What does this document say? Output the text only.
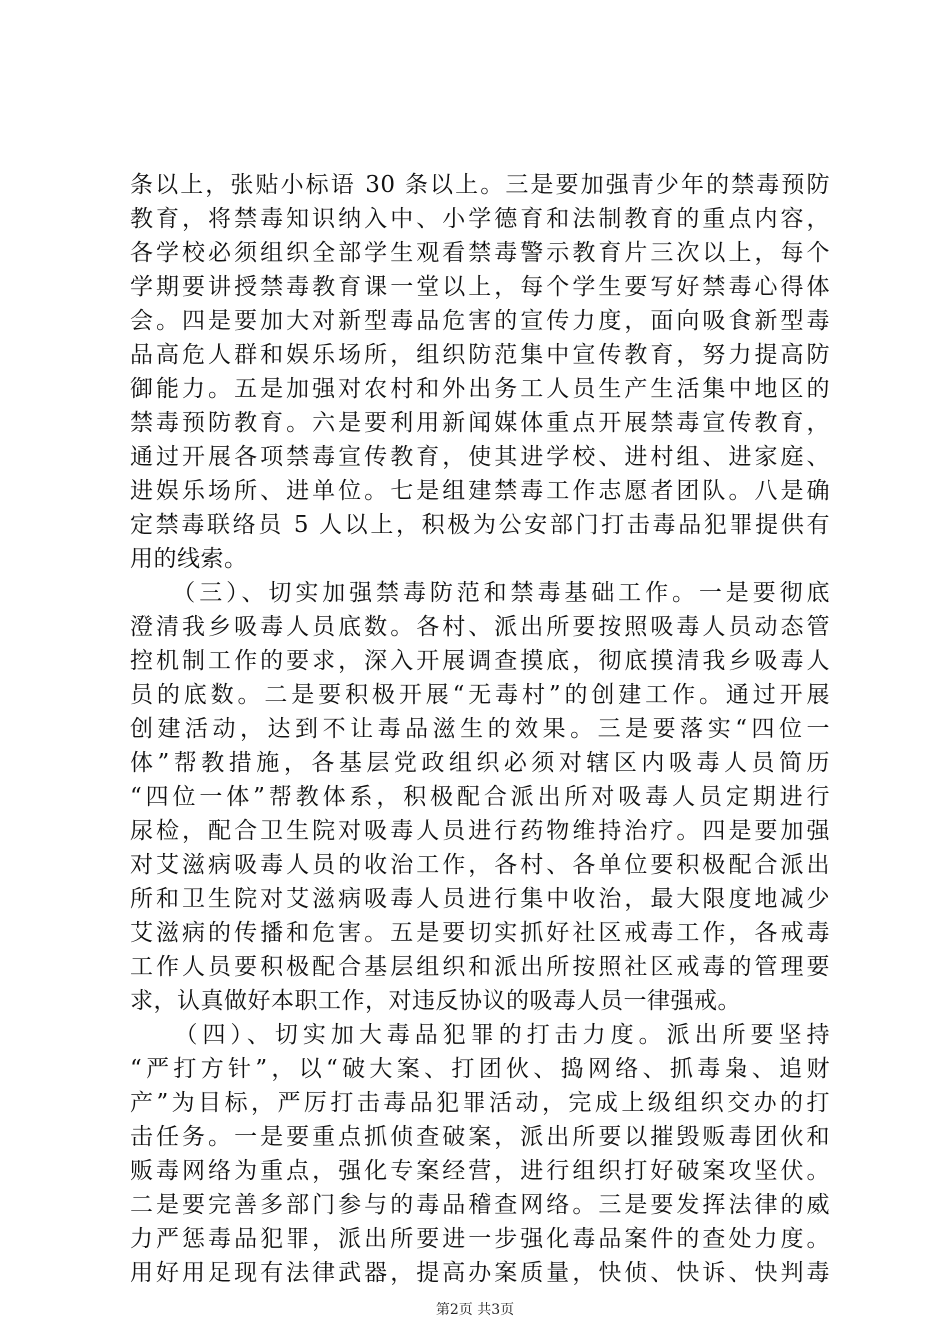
条以上，张贴小标语 30 条以上。三是要加强青少年的禁毒预防
教育，将禁毒知识纳入中、小学德育和法制教育的重点内容，
各学校必须组织全部学生观看禁毒警示教育片三次以上，每个
学期要讲授禁毒教育课一堂以上，每个学生要写好禁毒心得体
会。四是要加大对新型毒品危害的宣传力度，面向吸食新型毒
品高危人群和娱乐场所，组织防范集中宣传教育，努力提高防
御能力。五是加强对农村和外出务工人员生产生活集中地区的
禁毒预防教育。六是要利用新闻媒体重点开展禁毒宣传教育，
通过开展各项禁毒宣传教育，使其进学校、进村组、进家庭、
进娱乐场所、进单位。七是组建禁毒工作志愿者团队。八是确
定禁毒联络员 5 人以上，积极为公安部门打击毒品犯罪提供有
用的线索。
　　（三）、切实加强禁毒防范和禁毒基础工作。一是要彻底
澄清我乡吸毒人员底数。各村、派出所要按照吸毒人员动态管
控机制工作的要求，深入开展调查摸底，彻底摸清我乡吸毒人
员的底数。二是要积极开展“无毒村”的创建工作。通过开展
创建活动，达到不让毒品滋生的效果。三是要落实“四位一
体”帮教措施，各基层党政组织必须对辖区内吸毒人员简历
“四位一体”帮教体系，积极配合派出所对吸毒人员定期进行
尿检，配合卫生院对吸毒人员进行药物维持治疗。四是要加强
对艾滋病吸毒人员的收治工作，各村、各单位要积极配合派出
所和卫生院对艾滋病吸毒人员进行集中收治，最大限度地减少
艾滋病的传播和危害。五是要切实抓好社区戒毒工作，各戒毒
工作人员要积极配合基层组织和派出所按照社区戒毒的管理要
求，认真做好本职工作，对违反协议的吸毒人员一律强戒。
　　（四）、切实加大毒品犯罪的打击力度。派出所要坚持
“严打方针”，以“破大案、打团伙、捣网络、抓毒枭、追财
产”为目标，严厉打击毒品犯罪活动，完成上级组织交办的打
击任务。一是要重点抓侦查破案，派出所要以摧毁贩毒团伙和
贩毒网络为重点，强化专案经营，进行组织打好破案攻坚伏。
二是要完善多部门参与的毒品稽查网络。三是要发挥法律的威
力严惩毒品犯罪，派出所要进一步强化毒品案件的查处力度。
用好用足现有法律武器，提高办案质量，快侦、快诉、快判毒
第2页 共3页
